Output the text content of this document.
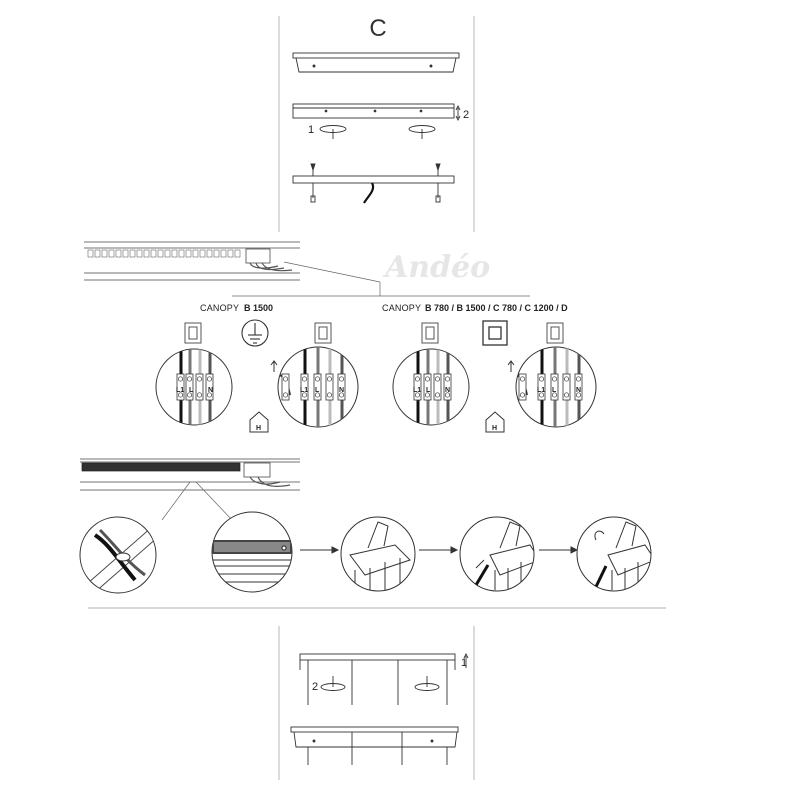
C
2
1
Andéo
CANOPY B 1500	CANOPY B 780 / B 1500 / C 780 / C 1200 / D
L1 L N	L1 L	N
H
L1 L N	L1 L	N
H
1
2
